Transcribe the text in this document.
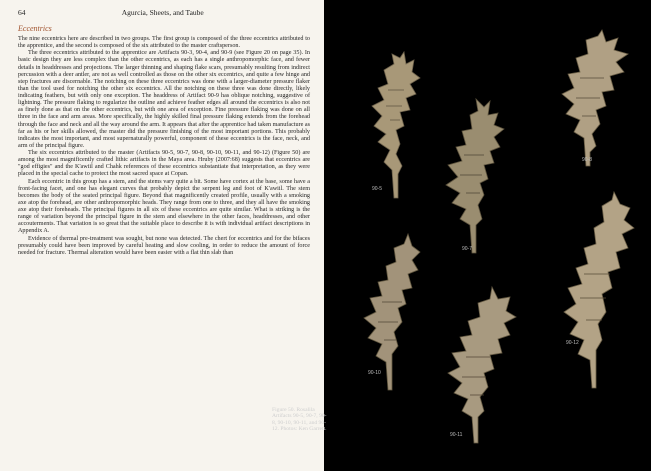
64	Agurcia, Sheets, and Taube
Eccentrics

The nine eccentrics here are described in two groups. The first group is composed of the three eccentrics attributed to the apprentice, and the second is composed of the six attributed to the master craftsperson.

The three eccentrics attributed to the apprentice are Artifacts 90-3, 90-4, and 90-9 (see Figure 20 on page 35). In basic design they are less complex than the other eccentrics, as each has a single anthropomorphic face, and fewer details in headdresses and projections. The larger thinning and shaping flake scars, presumably resulting from indirect percussion with a deer antler, are not as well controlled as those on the other six eccentrics, and quite a few hinge and step fractures are discernable. The notching on these three eccentrics was done with a larger-diameter pressure flaker than the tool used for notching the other six eccentrics. All the notching on these three was done directly, likely indicating feathers, but with only one exception. The headdress of Artifact 90-9 has oblique notching, suggestive of lightning. The pressure flaking to regularize the outline and achieve feather edges all around the eccentrics is also not as finely done as that on the other eccentrics, but with one area of exception. Fine pressure flaking was done on all three in the face and arm areas. More specifically, the highly skilled final pressure flaking extends from the forehead through the face and neck and all the way around the arm. It appears that after the apprentice had taken manufacture as far as his or her skills allowed, the master did the pressure finishing of the most important portions. This probably indicates the most important, and most supernaturally powerful, component of these eccentrics is the face, neck, and arm of the principal figure.

The six eccentrics attributed to the master (Artifacts 90-5, 90-7, 90-8, 90-10, 90-11, and 90-12) (Figure 50) are among the most magnificently crafted lithic artifacts in the Maya area. Hruby (2007:68) suggests that eccentrics are "god effigies" and the K'awiil and Chahk references of these eccentrics substantiate that interpretation, as they were placed in the special cache to protect the most sacred space at Copan.

Each eccentric in this group has a stem, and the stems vary quite a bit. Some have cortex at the base, some have a front-facing facet, and one has elegant curves that probably depict the serpent leg and foot of K'awiil. The stem becomes the body of the seated principal figure. Beyond that magnificently created profile, usually with a smoking axe atop the forehead, are other anthropomorphic heads. They range from one to three, and they all have the smoking axe atop their foreheads. The principal figures in all six of these eccentrics are quite similar. What is striking is the range of variation beyond the principal figure in the stem and elsewhere in the other faces, headdresses, and other accouterments. That variation is so great that the suitable place to describe it is with individual artifact descriptions in Appendix A.

Evidence of thermal pre-treatment was sought, but none was detected. The chert for eccentrics and for the bifaces presumably could have been improved by careful heating and slow cooling, in order to reduce the amount of force needed for fracture. Thermal alteration would have been easier with a flat thin slab than

90-5
90-7
90-8
90-10
90-11
90-12
Figure 50. Rosalila Artifacts 90-5, 90-7, 90-8, 90-10, 90-11, and 90-12. Photos: Ken Garrett.
